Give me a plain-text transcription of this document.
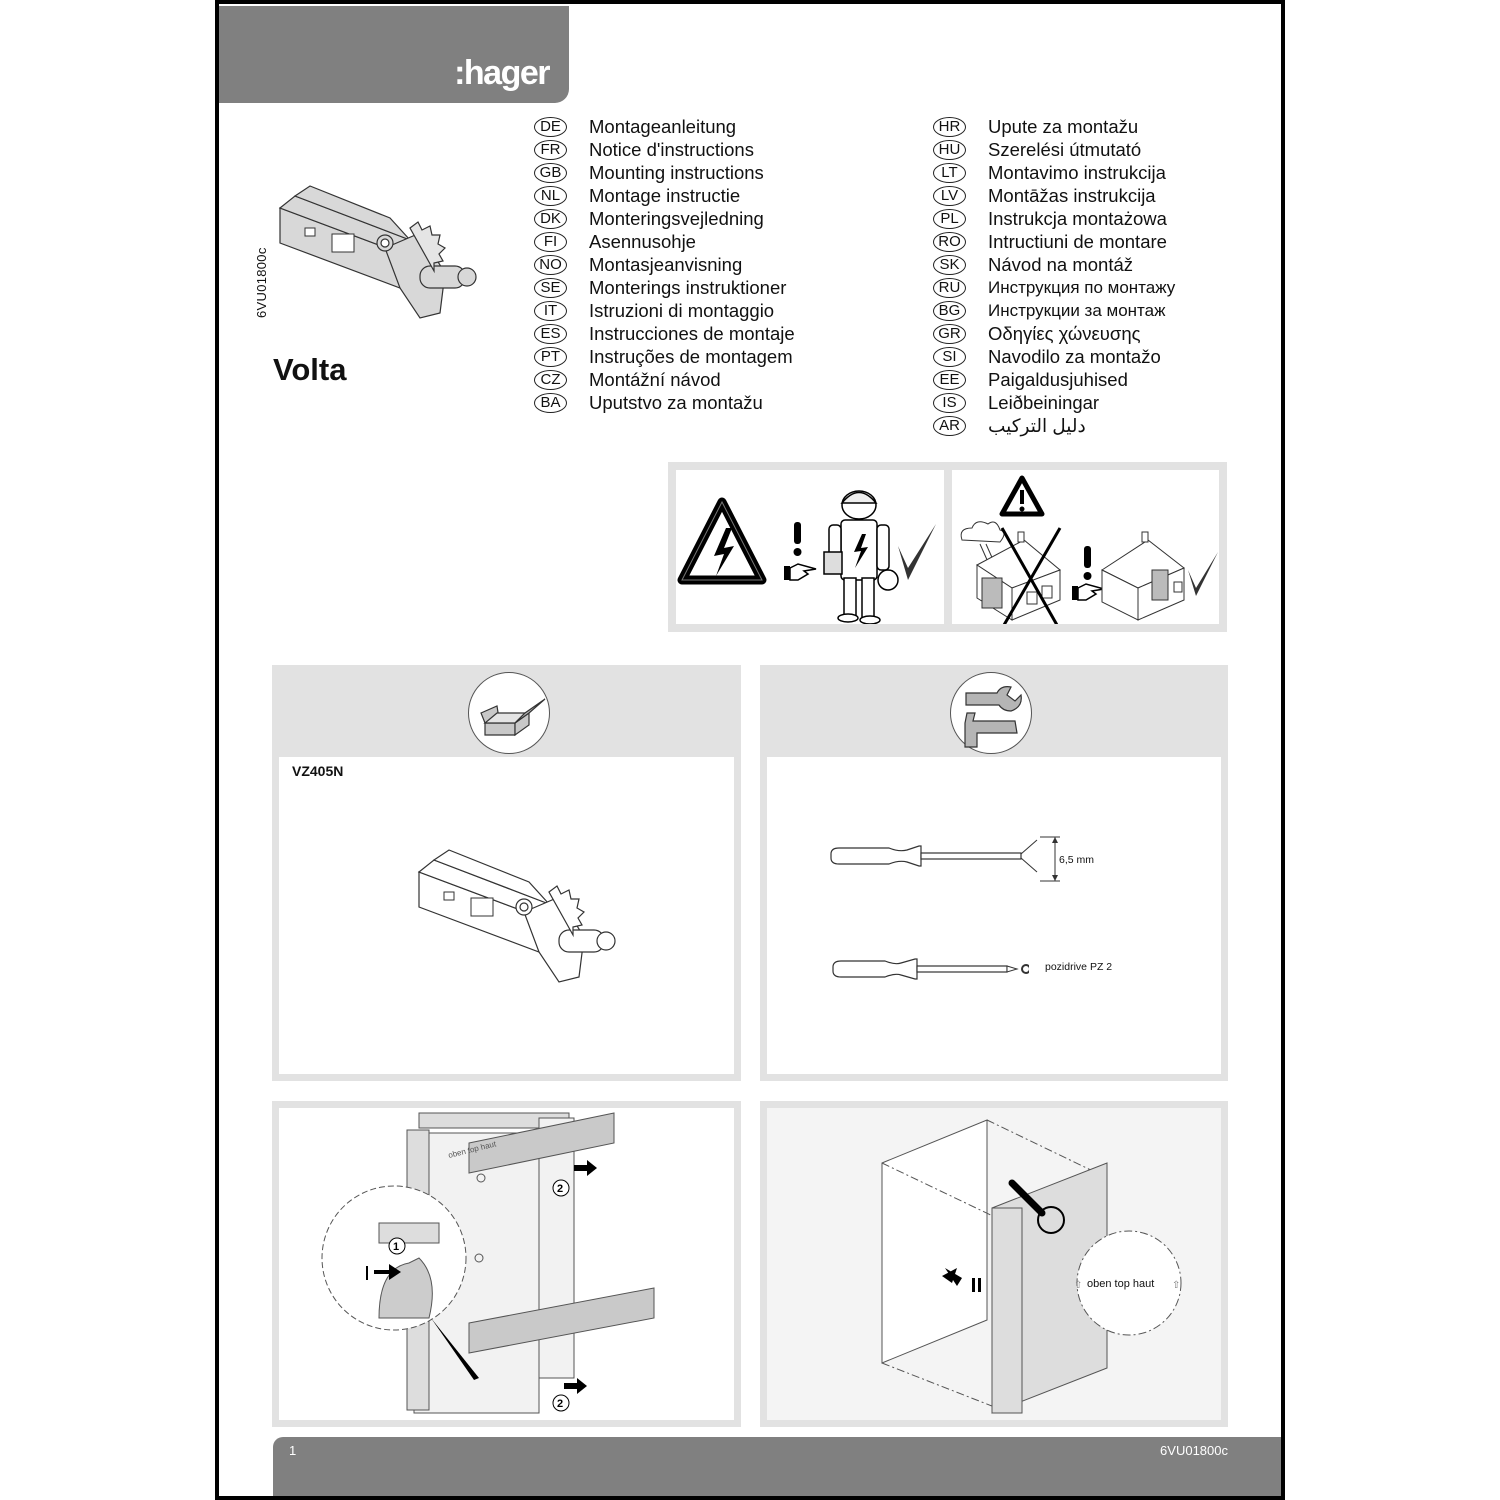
:hager
6VU01800c
Volta
DE	Montageanleitung
FR	Notice d'instructions
GB	Mounting instructions
NL	Montage instructie
DK	Monteringsvejledning
FI	Asennusohje
NO Montasjeanvisning
SE	Monterings instruktioner
IT	Istruzioni di montaggio
ES	Instrucciones de montaje
PT	Instruções de montagem
CZ	Montážní návod
BA	Uputstvo za montažu
HR	Upute za montažu
HU	Szerelési útmutató
LT	Montavimo instrukcija
LV	Montāžas instrukcija
PL	Instrukcja montażowa
RO Intructiuni de montare
SK	Návod na montáž
RU	Инструкция по монтажу
BG	Инструкции за монтаж
GR Οδηγίες χώνευσης
SI	Navodilo za montažo
EE	Paigaldusjuhised
IS	Leiðbeiningar
AR	دليل التركيب
VZ405N
6,5 mm
pozidrive PZ 2
oben top haut
1
2
2
⇧	⇧
oben top haut
1	6VU01800c
